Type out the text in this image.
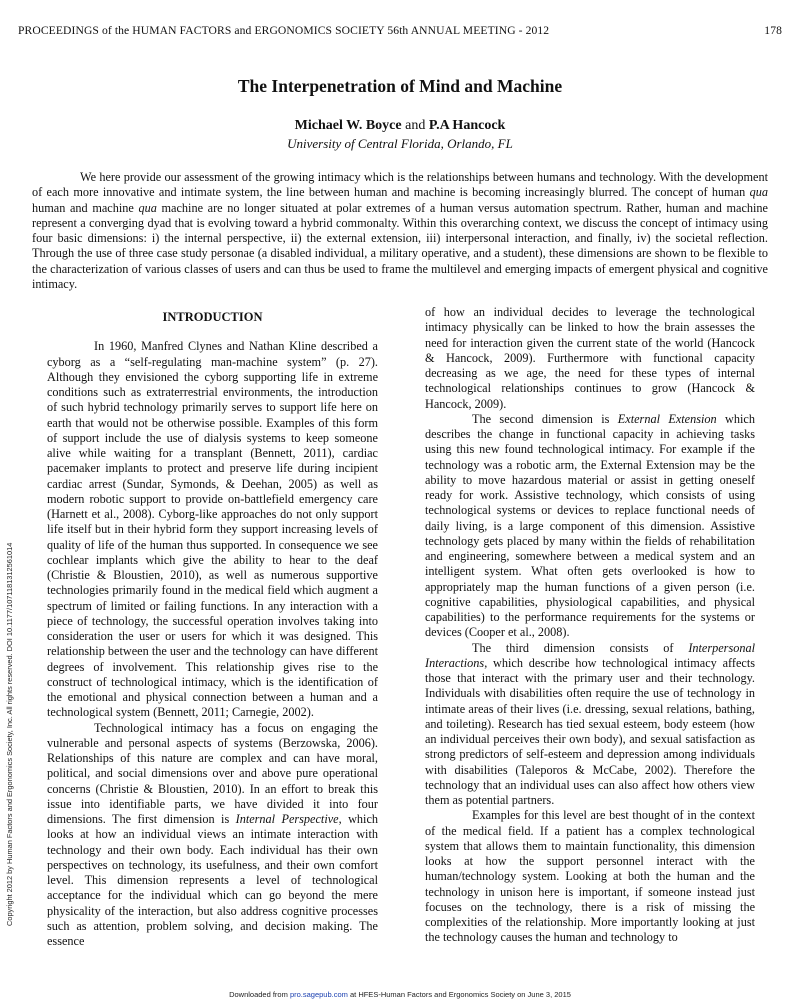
PROCEEDINGS of the HUMAN FACTORS and ERGONOMICS SOCIETY 56th ANNUAL MEETING - 2012	178
The Interpenetration of Mind and Machine
Michael W. Boyce and P.A Hancock
University of Central Florida, Orlando, FL
We here provide our assessment of the growing intimacy which is the relationships between humans and technology. With the development of each more innovative and intimate system, the line between human and machine is becoming increasingly blurred. The concept of human qua human and machine qua machine are no longer situated at polar extremes of a human versus automation spectrum. Rather, human and machine represent a converging dyad that is evolving toward a hybrid commonalty. Within this overarching context, we discuss the concept of intimacy using four basic dimensions: i) the internal perspective, ii) the external extension, iii) interpersonal interaction, and finally, iv) the societal reflection. Through the use of three case study personae (a disabled individual, a military operative, and a student), these dimensions are shown to be flexible to the characterization of various classes of users and can thus be used to frame the multilevel and emerging impacts of emergent physical and cognitive intimacy.
INTRODUCTION

In 1960, Manfred Clynes and Nathan Kline described a cyborg as a “self-regulating man-machine system” (p. 27). Although they envisioned the cyborg supporting life in extreme conditions such as extraterrestrial environments, the introduction of such hybrid technology primarily serves to support life here on earth that would not be otherwise possible. Examples of this form of support include the use of dialysis systems to keep someone alive while waiting for a transplant (Bennett, 2011), cardiac pacemaker implants to protect and preserve life during incipient cardiac arrest (Sundar, Symonds, & Deehan, 2005) as well as modern robotic support to provide on-battlefield emergency care (Harnett et al., 2008). Cyborg-like approaches do not only support life itself but in their hybrid form they support increasing levels of quality of life of the human thus supported. In consequence we see cochlear implants which give the ability to hear to the deaf (Christie & Bloustien, 2010), as well as numerous supportive technologies primarily found in the medical field which augment a spectrum of limited or failing functions. In any interaction with a piece of technology, the successful operation involves taking into consideration the user or users for which it was designed. This relationship between the user and the technology can have different degrees of involvement. This relationship gives rise to the construct of technological intimacy, which is the identification of the emotional and physical connection between a human and a technological system (Bennett, 2011; Carnegie, 2002).

Technological intimacy has a focus on engaging the vulnerable and personal aspects of systems (Berzowska, 2006). Relationships of this nature are complex and can have moral, political, and social dimensions over and above pure operational concerns (Christie & Bloustien, 2010). In an effort to break this issue into identifiable parts, we have divided it into four dimensions. The first dimension is Internal Perspective, which looks at how an individual views an intimate interaction with technology and their own body. Each individual has their own perspectives on technology, its usefulness, and their own comfort level. This dimension represents a level of technological acceptance for the individual which can go beyond the mere physicality of the interaction, but also address cognitive processes such as attention, problem solving, and decision making. The essence

of how an individual decides to leverage the technological intimacy physically can be linked to how the brain assesses the need for interaction given the current state of the world (Hancock & Hancock, 2009). Furthermore with functional capacity decreasing as we age, the need for these types of internal technological relationships continues to grow (Hancock & Hancock, 2009).

The second dimension is External Extension which describes the change in functional capacity in achieving tasks using this new found technological intimacy. For example if the technology was a robotic arm, the External Extension may be the ability to move hazardous material or assist in getting oneself ready for work. Assistive technology, which consists of using technological systems or devices to replace functional needs of daily living, is a large component of this dimension. Assistive technology gets placed by many within the fields of rehabilitation and engineering, somewhere between a medical system and an intelligent system. What often gets overlooked is how to appropriately map the human functions of a given person (i.e. cognitive capabilities, physiological capabilities, and physical capabilities) to the performance requirements for the systems or devices (Cooper et al., 2008).

The third dimension consists of Interpersonal Interactions, which describe how technological intimacy affects those that interact with the primary user and their technology. Individuals with disabilities often require the use of technology in intimate areas of their lives (i.e. dressing, sexual relations, bathing, and toileting). Research has tied sexual esteem, body esteem (how an individual perceives their own body), and sexual satisfaction as strong predictors of self-esteem and depression among individuals with disabilities (Taleporos & McCabe, 2002). Therefore the technology that an individual uses can also affect how others view them as potential partners.

Examples for this level are best thought of in the context of the medical field. If a patient has a complex technological system that allows them to maintain functionality, this dimension looks at how the support personnel interact with the human/technology system. Looking at both the human and the technology in unison here is important, if someone instead just focuses on the technology, there is a risk of missing the complexities of the relationship. More importantly looking at just the technology causes the human and technology to

Copyright 2012 by Human Factors and Ergonomics Society, Inc. All rights reserved. DOI 10.1177/1071181312561014
Downloaded from pro.sagepub.com at HFES-Human Factors and Ergonomics Society on June 3, 2015
